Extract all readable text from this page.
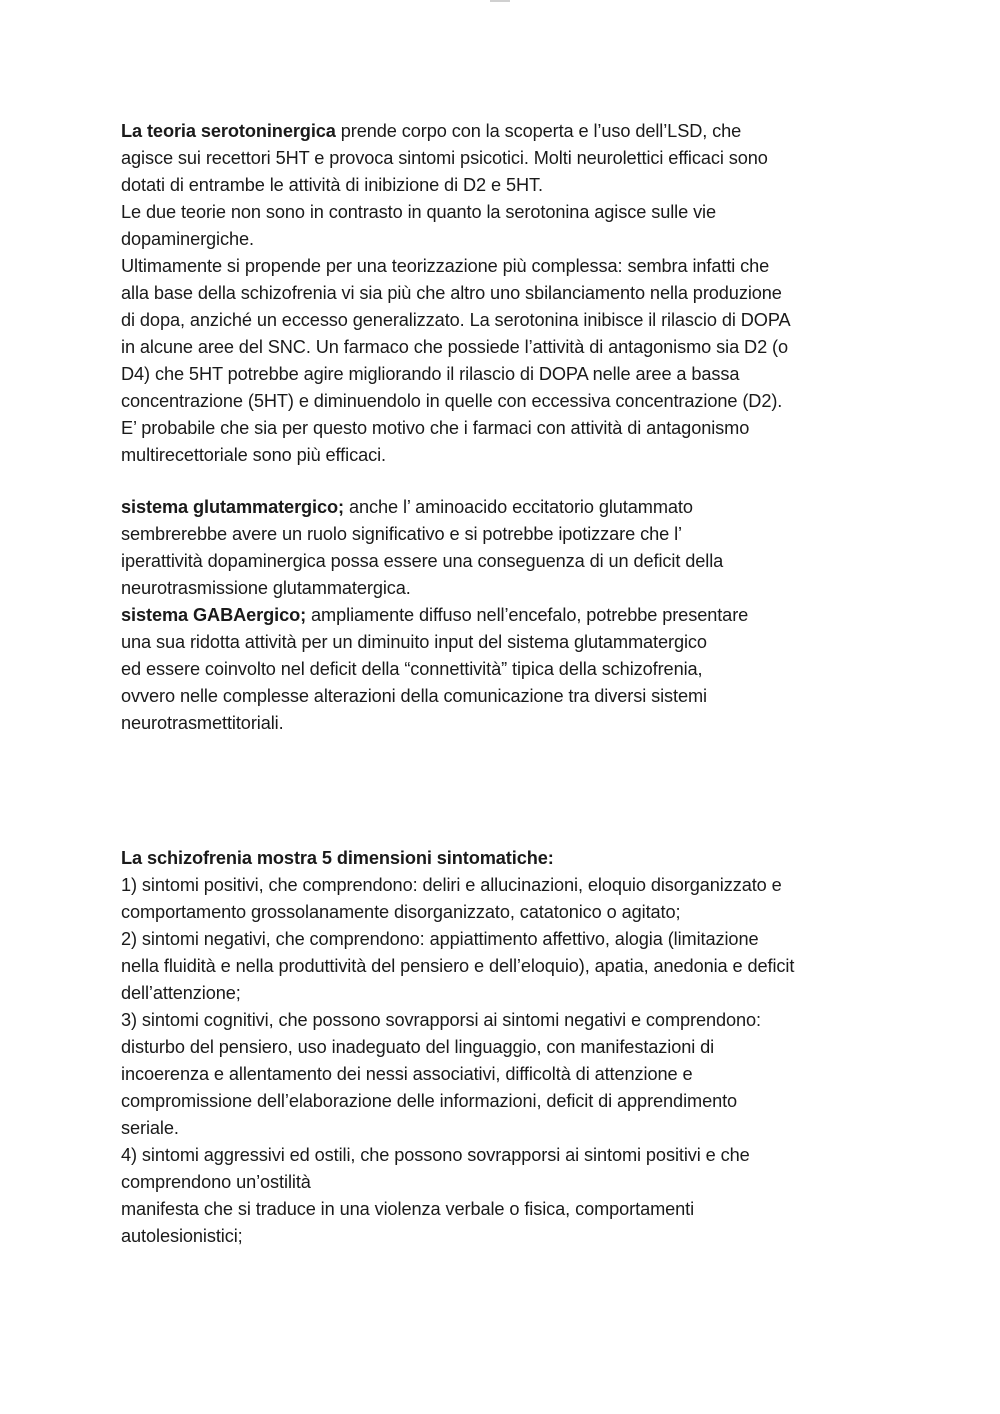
La teoria serotoninergica prende corpo con la scoperta e l’uso dell’LSD, che
agisce sui recettori 5HT e provoca sintomi psicotici. Molti neurolettici efficaci sono
dotati di entrambe le attività di inibizione di D2 e 5HT.
Le due teorie non sono in contrasto in quanto la serotonina agisce sulle vie
dopaminergiche.
Ultimamente si propende per una teorizzazione più complessa: sembra infatti che
alla base della schizofrenia vi sia più che altro uno sbilanciamento nella produzione
di dopa, anziché un eccesso generalizzato. La serotonina inibisce il rilascio di DOPA
in alcune aree del SNC. Un farmaco che possiede l’attività di antagonismo sia D2 (o
D4) che 5HT potrebbe agire migliorando il rilascio di DOPA nelle aree a bassa
concentrazione (5HT) e diminuendolo in quelle con eccessiva concentrazione (D2).
E’ probabile che sia per questo motivo che i farmaci con attività di antagonismo
multirecettoriale sono più efficaci.
sistema glutammatergico; anche l’ aminoacido eccitatorio glutammato
sembrerebbe avere un ruolo significativo e si potrebbe ipotizzare che l’
iperattività dopaminergica possa essere una conseguenza di un deficit della
neurotrasmissione glutammatergica.
sistema GABAergico; ampliamente diffuso nell’encefalo, potrebbe presentare
una sua ridotta attività per un diminuito input del sistema glutammatergico
ed essere coinvolto nel deficit della “connettività” tipica della schizofrenia,
ovvero nelle complesse alterazioni della comunicazione tra diversi sistemi
neurotrasmettitoriali.
La schizofrenia mostra 5 dimensioni sintomatiche:
1) sintomi positivi, che comprendono: deliri e allucinazioni, eloquio disorganizzato e
comportamento grossolanamente disorganizzato, catatonico o agitato;
2) sintomi negativi, che comprendono: appiattimento affettivo, alogia (limitazione
nella fluidità e nella produttività del pensiero e dell’eloquio), apatia, anedonia e deficit
dell’attenzione;
3) sintomi cognitivi, che possono sovrapporsi ai sintomi negativi e comprendono:
disturbo del pensiero, uso inadeguato del linguaggio, con manifestazioni di
incoerenza e allentamento dei nessi associativi, difficoltà di attenzione e
compromissione dell’elaborazione delle informazioni, deficit di apprendimento
seriale.
4) sintomi aggressivi ed ostili, che possono sovrapporsi ai sintomi positivi e che
comprendono un’ostilità
manifesta che si traduce in una violenza verbale o fisica, comportamenti
autolesionistici;
